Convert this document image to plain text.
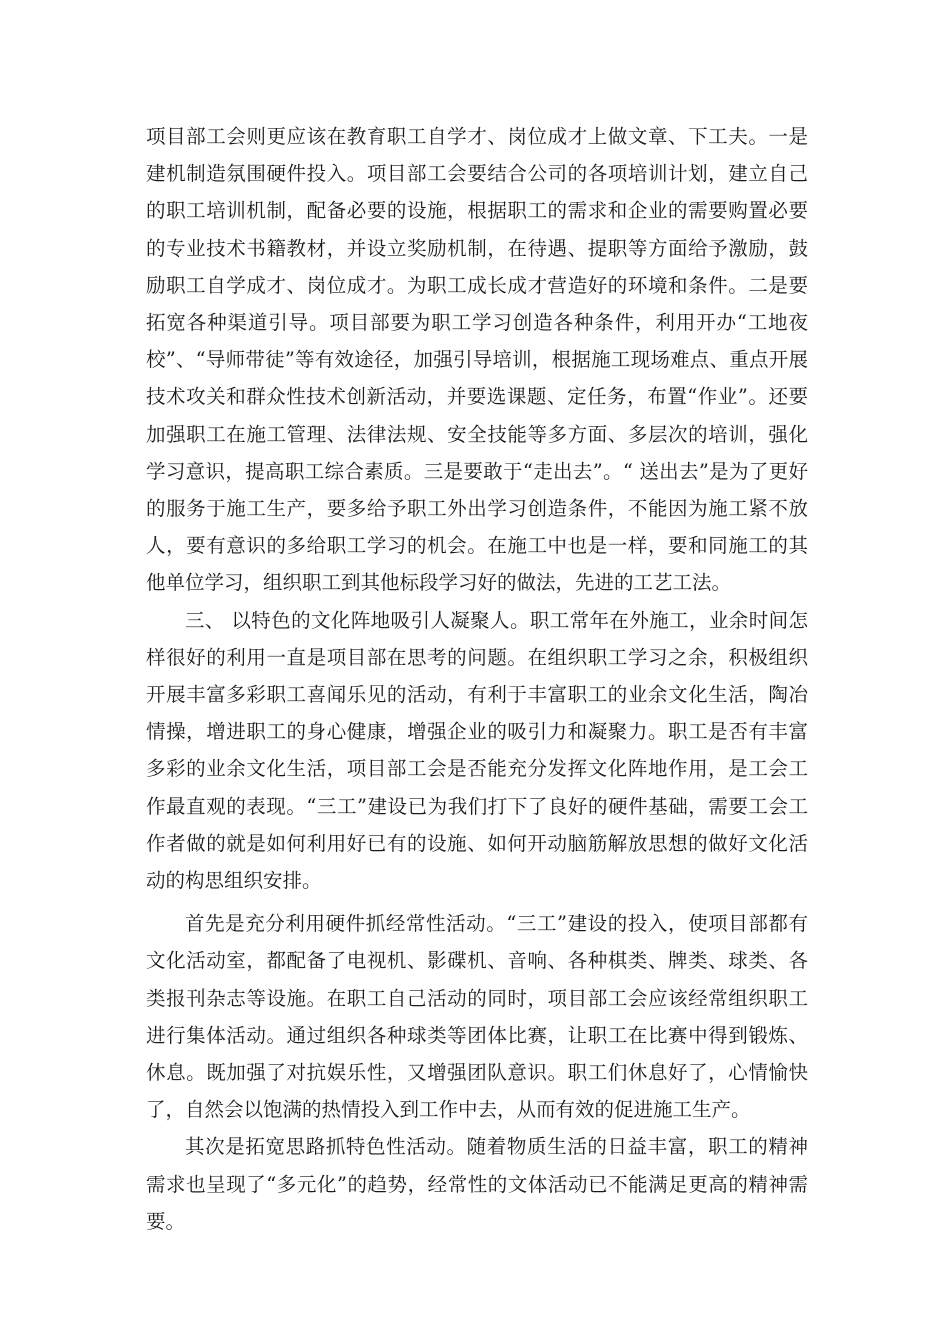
项目部工会则更应该在教育职工自学才、岗位成才上做文章、下工夫。一是建机制造氛围硬件投入。项目部工会要结合公司的各项培训计划，建立自己的职工培训机制，配备必要的设施，根据职工的需求和企业的需要购置必要的专业技术书籍教材，并设立奖励机制，在待遇、提职等方面给予激励，鼓励职工自学成才、岗位成才。为职工成长成才营造好的环境和条件。二是要拓宽各种渠道引导。项目部要为职工学习创造各种条件，利用开办“工地夜校”、“导师带徒”等有效途径，加强引导培训，根据施工现场难点、重点开展技术攻关和群众性技术创新活动，并要选课题、定任务，布置“作业”。还要加强职工在施工管理、法律法规、安全技能等多方面、多层次的培训，强化学习意识，提高职工综合素质。三是要敢于“走出去”。“ 送出去”是为了更好的服务于施工生产，要多给予职工外出学习创造条件，不能因为施工紧不放人，要有意识的多给职工学习的机会。在施工中也是一样，要和同施工的其他单位学习，组织职工到其他标段学习好的做法，先进的工艺工法。

三、 以特色的文化阵地吸引人凝聚人。职工常年在外施工，业余时间怎样很好的利用一直是项目部在思考的问题。在组织职工学习之余，积极组织开展丰富多彩职工喜闻乐见的活动，有利于丰富职工的业余文化生活，陶冶情操，增进职工的身心健康，增强企业的吸引力和凝聚力。职工是否有丰富多彩的业余文化生活，项目部工会是否能充分发挥文化阵地作用，是工会工作最直观的表现。“三工”建设已为我们打下了良好的硬件基础，需要工会工作者做的就是如何利用好已有的设施、如何开动脑筋解放思想的做好文化活动的构思组织安排。

首先是充分利用硬件抓经常性活动。“三工”建设的投入，使项目部都有文化活动室，都配备了电视机、影碟机、音响、各种棋类、牌类、球类、各类报刊杂志等设施。在职工自己活动的同时，项目部工会应该经常组织职工进行集体活动。通过组织各种球类等团体比赛，让职工在比赛中得到锻炼、休息。既加强了对抗娱乐性，又增强团队意识。职工们休息好了，心情愉快了，自然会以饱满的热情投入到工作中去，从而有效的促进施工生产。

其次是拓宽思路抓特色性活动。随着物质生活的日益丰富，职工的精神需求也呈现了“多元化”的趋势，经常性的文体活动已不能满足更高的精神需要。
